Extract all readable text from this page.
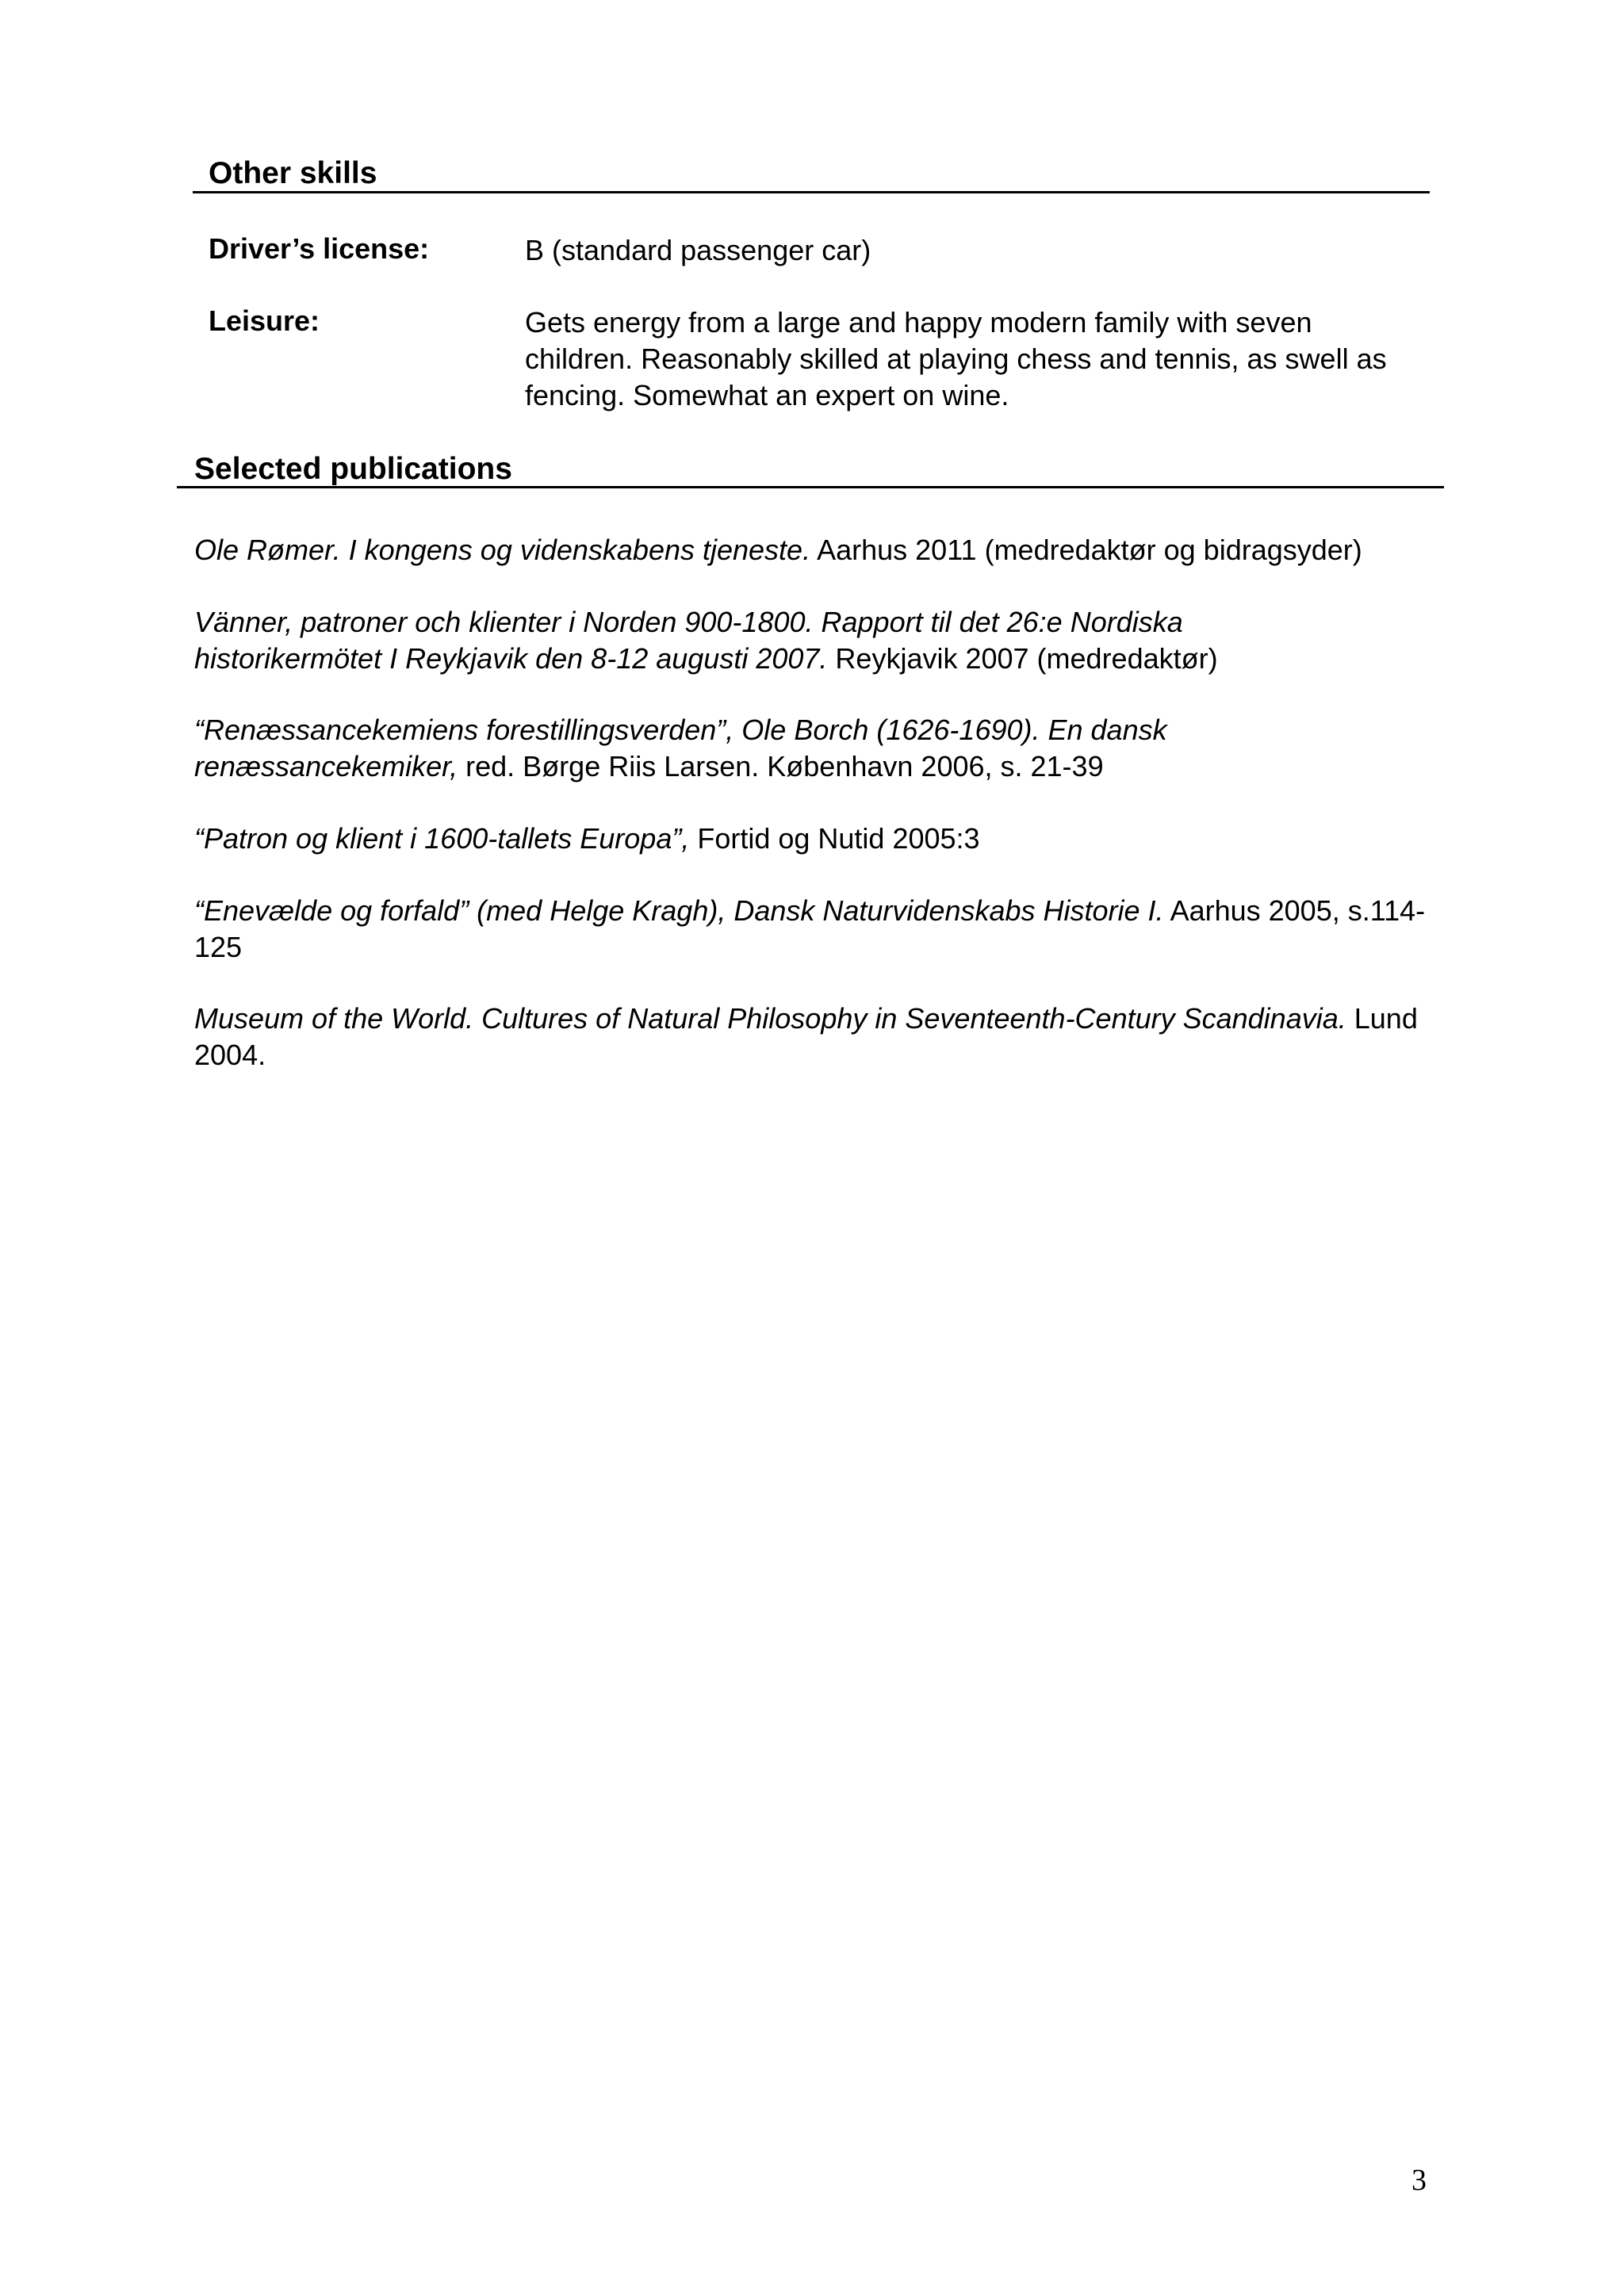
Other skills
Driver’s license:	B (standard passenger car)
Leisure:	Gets energy from a large and happy modern family with seven children. Reasonably skilled at playing chess and tennis, as swell as fencing. Somewhat an expert on wine.
Selected publications
Ole Rømer. I kongens og videnskabens tjeneste. Aarhus 2011 (medredaktør og bidragsyder)
Vänner, patroner och klienter i Norden 900-1800. Rapport til det 26:e Nordiska historikermötet I Reykjavik den 8-12 augusti 2007. Reykjavik 2007 (medredaktør)
“Renæssancekemiens forestillingsverden”, Ole Borch (1626-1690). En dansk renæssancekemiker, red. Børge Riis Larsen. København 2006, s. 21-39
“Patron og klient i 1600-tallets Europa”, Fortid og Nutid 2005:3
“Enevælde og forfald” (med Helge Kragh), Dansk Naturvidenskabs Historie I. Aarhus 2005, s.114-125
Museum of the World. Cultures of Natural Philosophy in Seventeenth-Century Scandinavia. Lund 2004.
3
